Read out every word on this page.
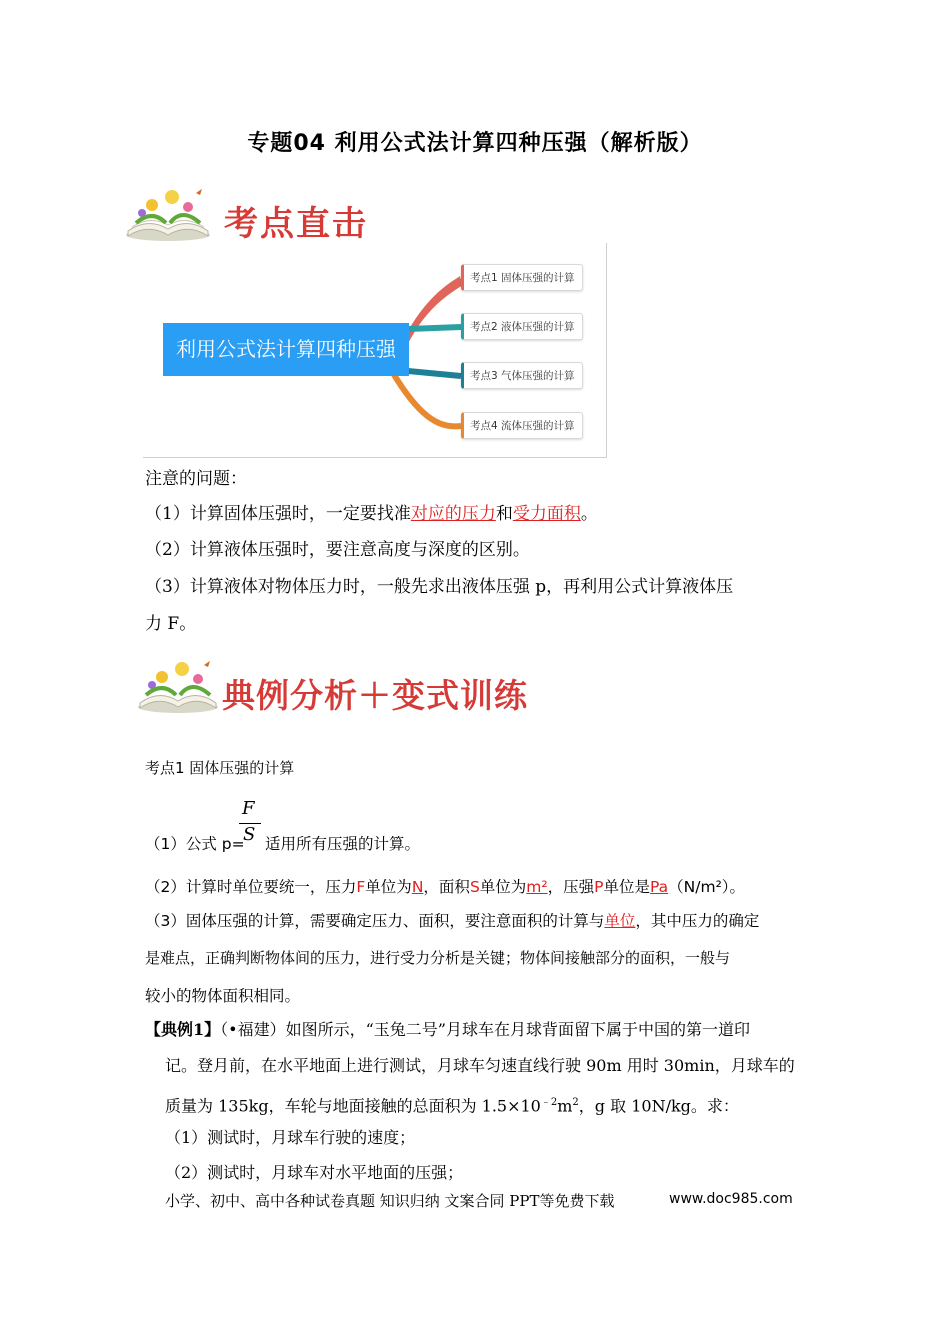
专题04 利用公式法计算四种压强（解析版）
考点直击
利用公式法计算四种压强
考点1 固体压强的计算
考点2 液体压强的计算
考点3 气体压强的计算
考点4 流体压强的计算
注意的问题：
（1）计算固体压强时，一定要找准对应的压力和受力面积。
（2）计算液体压强时，要注意高度与深度的区别。
（3）计算液体对物体压力时，一般先求出液体压强 p，再利用公式计算液体压
力 F。
典例分析＋变式训练
考点1 固体压强的计算
F
S
（1）公式 p= 适用所有压强的计算。
（2）计算时单位要统一，压力F单位为N，面积S单位为m²，压强P单位是Pa（N/m²）。
（3）固体压强的计算，需要确定压力、面积，要注意面积的计算与单位，其中压力的确定
是难点，正确判断物体间的压力，进行受力分析是关键；物体间接触部分的面积，一般与
较小的物体面积相同。
【典例1】（•福建）如图所示，“玉兔二号”月球车在月球背面留下属于中国的第一道印
记。登月前，在水平地面上进行测试，月球车匀速直线行驶 90m 用时 30min，月球车的
质量为 135kg，车轮与地面接触的总面积为 $1.5\times 10^{﹣2}m^2$，g 取 10N/kg。求：
（1）测试时，月球车行驶的速度；
（2）测试时，月球车对水平地面的压强；
小学、初中、高中各种试卷真题 知识归纳 文案合同 PPT等免费下载	www.doc985.com
